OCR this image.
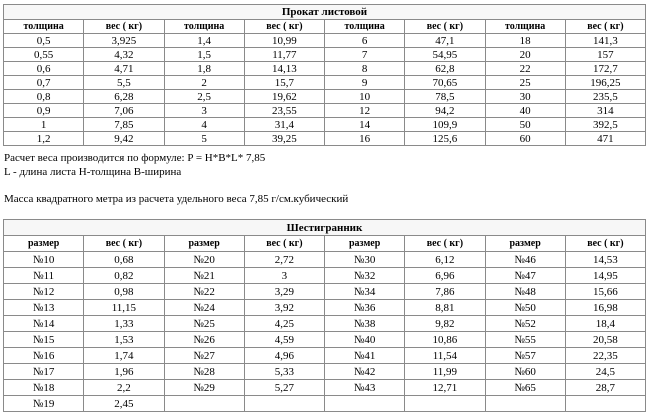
Прокат листовой							
толщина	вес ( кг)	толщина	вес ( кг)	толщина	вес ( кг)	толщина	вес ( кг)
0,5	3,925	1,4	10,99	6	47,1	18	141,3
0,55	4,32	1,5	11,77	7	54,95	20	157
0,6	4,71	1,8	14,13	8	62,8	22	172,7
0,7	5,5	2	15,7	9	70,65	25	196,25
0,8	6,28	2,5	19,62	10	78,5	30	235,5
0,9	7,06	3	23,55	12	94,2	40	314
1	7,85	4	31,4	14	109,9	50	392,5
1,2	9,42	5	39,25	16	125,6	60	471
Расчет веса производится по формуле: P = H*B*L* 7,85
L - длина листа H-толщина B-ширина
Масса квадратного метра из расчета удельного веса 7,85 г/см.кубический
Шестигранник							
размер	вес ( кг)	размер	вес ( кг)	размер	вес ( кг)	размер	вес ( кг)
№10	0,68	№20	2,72	№30	6,12	№46	14,53
№11	0,82	№21	3	№32	6,96	№47	14,95
№12	0,98	№22	3,29	№34	7,86	№48	15,66
№13	11,15	№24	3,92	№36	8,81	№50	16,98
№14	1,33	№25	4,25	№38	9,82	№52	18,4
№15	1,53	№26	4,59	№40	10,86	№55	20,58
№16	1,74	№27	4,96	№41	11,54	№57	22,35
№17	1,96	№28	5,33	№42	11,99	№60	24,5
№18	2,2	№29	5,27	№43	12,71	№65	28,7
№19	2,45						
